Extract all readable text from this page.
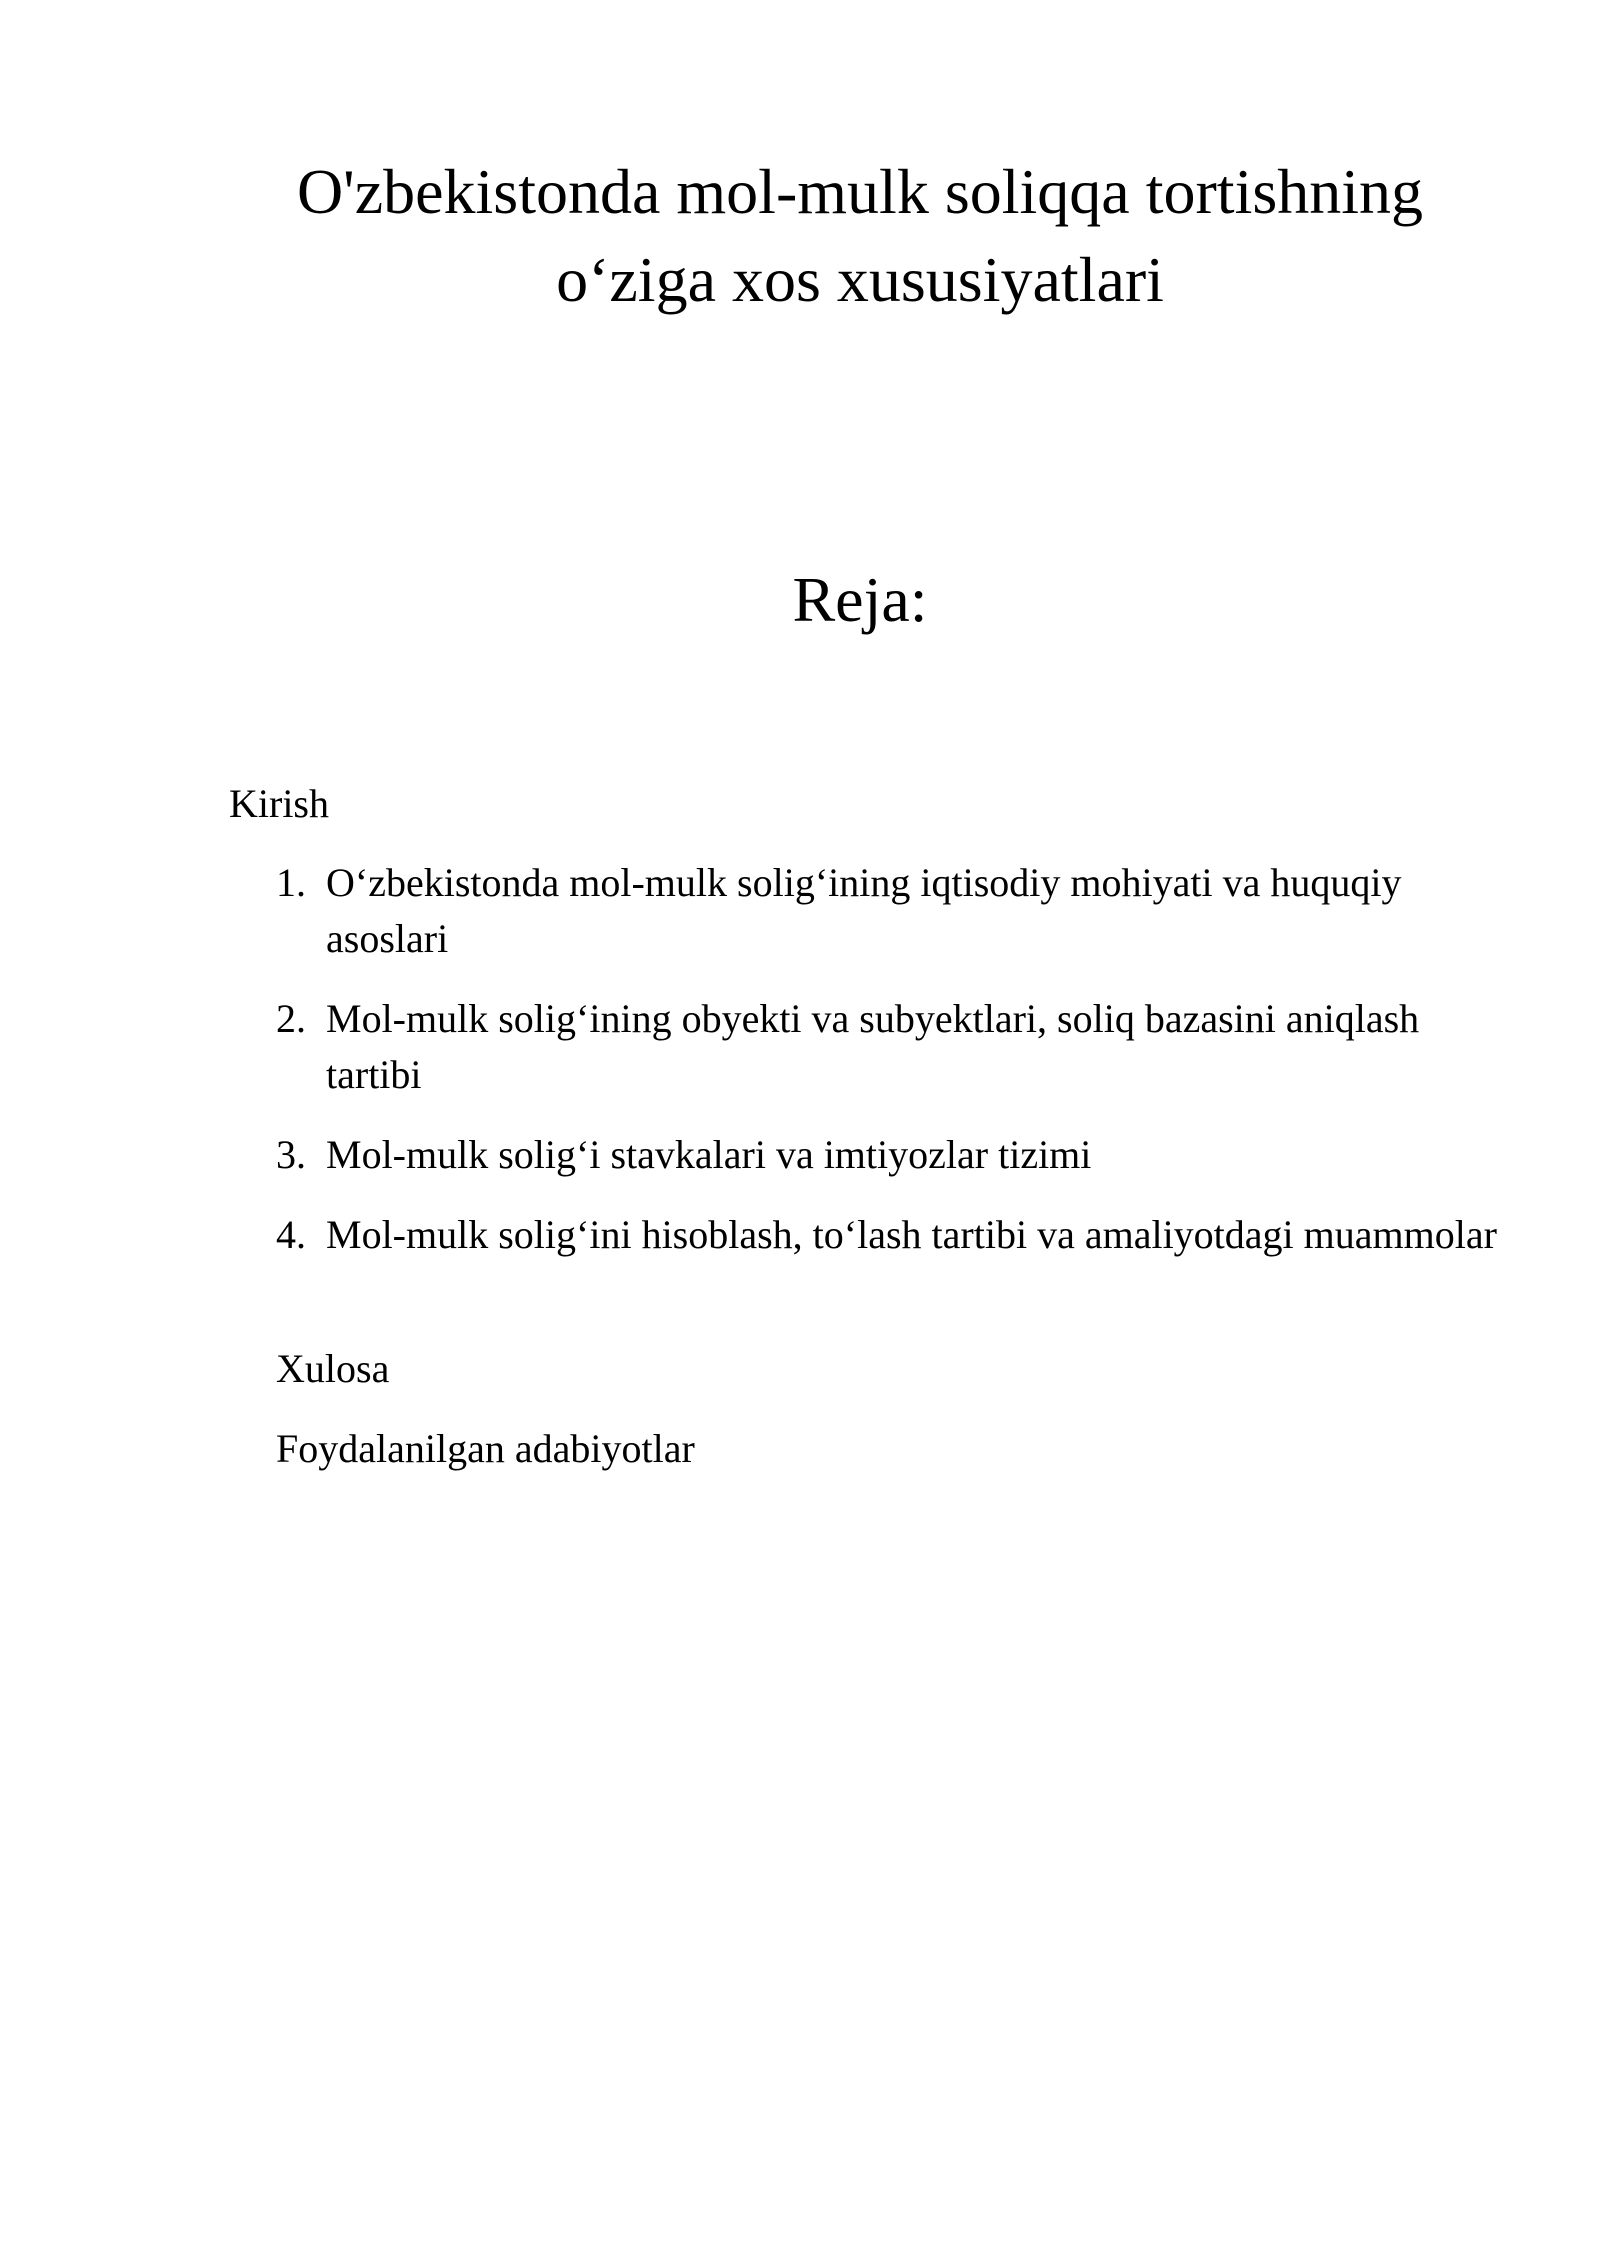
O'zbekistonda mol-mulk soliqqa tortishning
o‘ziga xos xususiyatlari
Reja:
Kirish
1. O‘zbekistonda mol-mulk solig‘ining iqtisodiy mohiyati va huquqiy asoslari
2. Mol-mulk solig‘ining obyekti va subyektlari, soliq bazasini aniqlash tartibi
3. Mol-mulk solig‘i stavkalari va imtiyozlar tizimi
4. Mol-mulk solig‘ini hisoblash, to‘lash tartibi va amaliyotdagi muammolar
Xulosa
Foydalanilgan adabiyotlar
